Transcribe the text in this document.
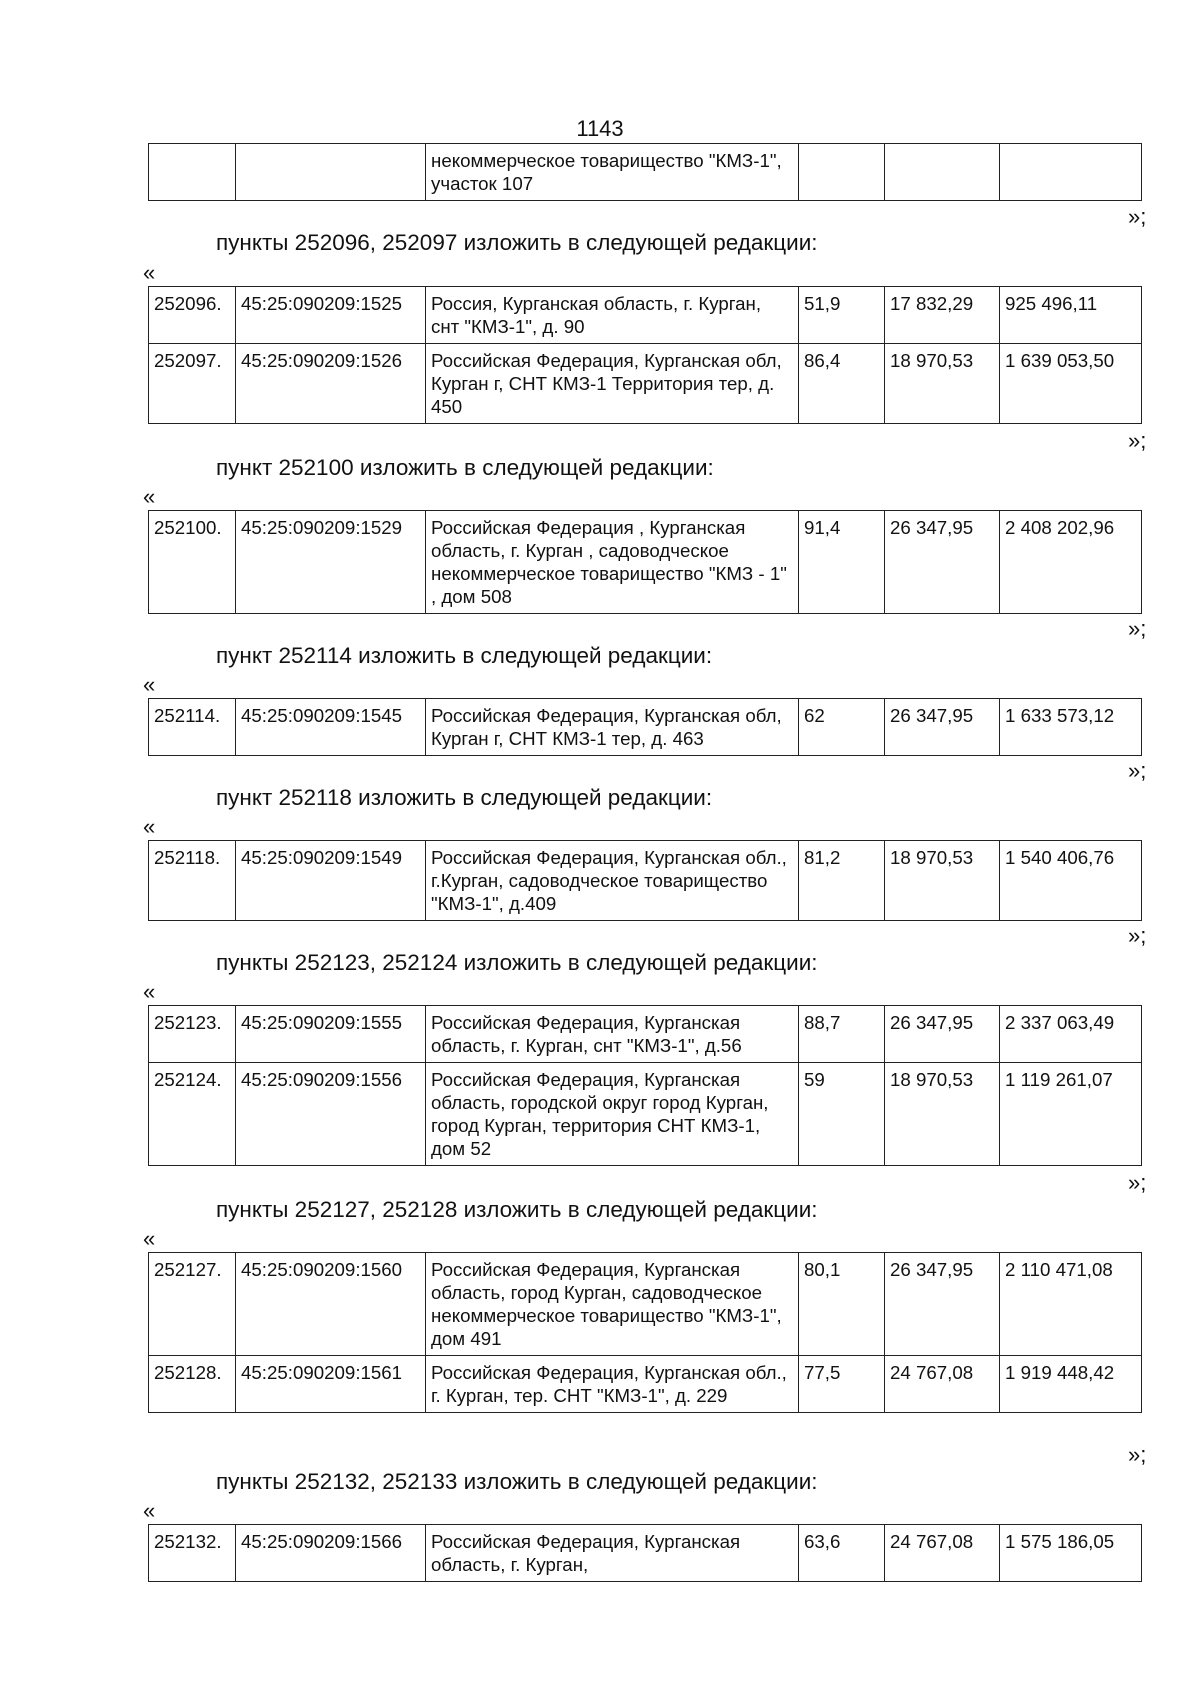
1143
		некоммерческое товарищество "КМЗ-1", участок 107			
»;
пункты 252096, 252097 изложить в следующей редакции:
«
252096.	45:25:090209:1525	Россия, Курганская область, г. Курган, снт "КМЗ-1", д. 90	51,9	17 832,29	925 496,11
252097.	45:25:090209:1526	Российская Федерация, Курганская обл, Курган г, СНТ КМЗ-1 Территория тер, д. 450	86,4	18 970,53	1 639 053,50
»;
пункт 252100 изложить в следующей редакции:
«
252100.	45:25:090209:1529	Российская Федерация , Курганская область, г. Курган , садоводческое некоммерческое товарищество "КМЗ - 1" , дом 508	91,4	26 347,95	2 408 202,96
»;
пункт 252114 изложить в следующей редакции:
«
252114.	45:25:090209:1545	Российская Федерация, Курганская обл, Курган г, СНТ КМЗ-1 тер, д. 463	62	26 347,95	1 633 573,12
»;
пункт 252118 изложить в следующей редакции:
«
252118.	45:25:090209:1549	Российская Федерация, Курганская обл., г.Курган, садоводческое товарищество "КМЗ-1", д.409	81,2	18 970,53	1 540 406,76
»;
пункты 252123, 252124 изложить в следующей редакции:
«
252123.	45:25:090209:1555	Российская Федерация, Курганская область, г. Курган, снт "КМЗ-1", д.56	88,7	26 347,95	2 337 063,49
252124.	45:25:090209:1556	Российская Федерация, Курганская область, городской округ город Курган, город Курган, территория СНТ КМЗ-1, дом 52	59	18 970,53	1 119 261,07
»;
пункты 252127, 252128 изложить в следующей редакции:
«
252127.	45:25:090209:1560	Российская Федерация, Курганская область, город Курган, садоводческое некоммерческое товарищество "КМЗ-1", дом 491	80,1	26 347,95	2 110 471,08
252128.	45:25:090209:1561	Российская Федерация, Курганская обл., г. Курган, тер. СНТ "КМЗ-1", д. 229	77,5	24 767,08	1 919 448,42
»;
пункты 252132, 252133 изложить в следующей редакции:
«
252132.	45:25:090209:1566	Российская Федерация, Курганская область, г. Курган,	63,6	24 767,08	1 575 186,05
